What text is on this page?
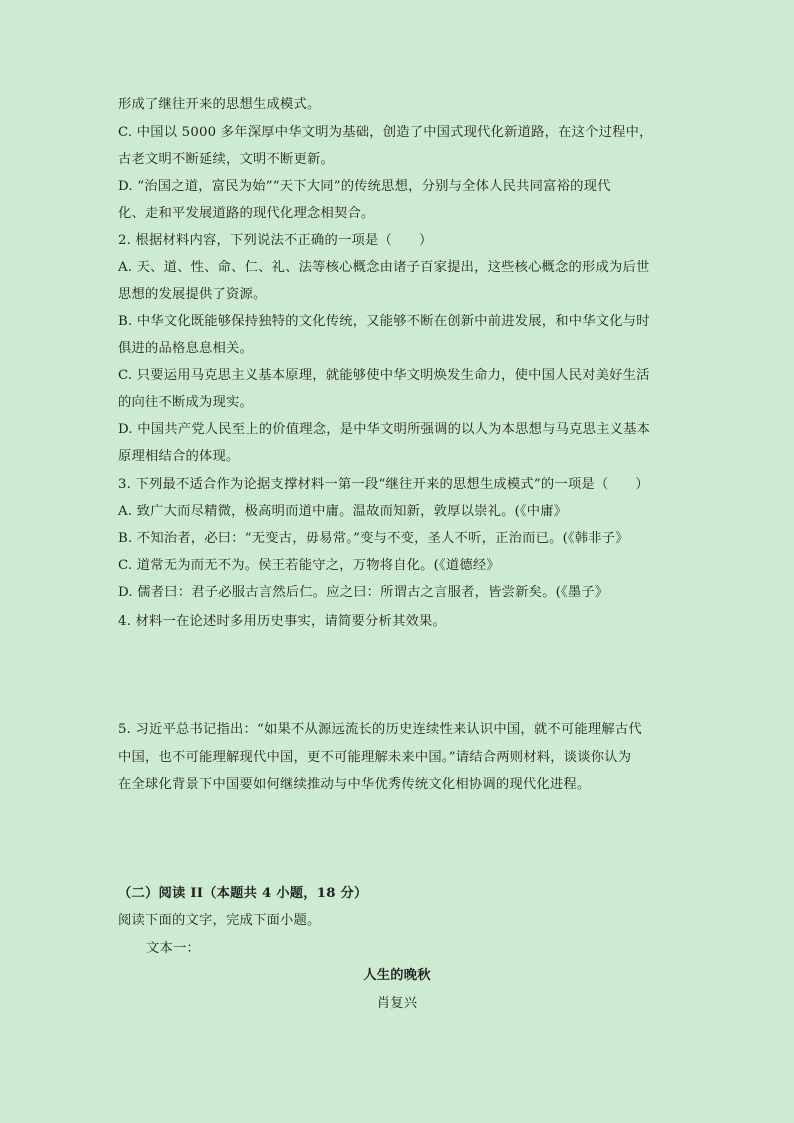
形成了继往开来的思想生成模式。
C. 中国以 5000 多年深厚中华文明为基础，创造了中国式现代化新道路，在这个过程中，
古老文明不断延续，文明不断更新。
D. “治国之道，富民为始”“天下大同”的传统思想，分别与全体人民共同富裕的现代
化、走和平发展道路的现代化理念相契合。
2. 根据材料内容，下列说法不正确的一项是（　　）
A. 天、道、性、命、仁、礼、法等核心概念由诸子百家提出，这些核心概念的形成为后世
思想的发展提供了资源。
B. 中华文化既能够保持独特的文化传统，又能够不断在创新中前进发展，和中华文化与时
俱进的品格息息相关。
C. 只要运用马克思主义基本原理，就能够使中华文明焕发生命力，使中国人民对美好生活
的向往不断成为现实。
D. 中国共产党人民至上的价值理念，是中华文明所强调的以人为本思想与马克思主义基本
原理相结合的体现。
3. 下列最不适合作为论据支撑材料一第一段“继往开来的思想生成模式”的一项是（　　）
A. 致广大而尽精微，极高明而道中庸。温故而知新，敦厚以崇礼。(《中庸》
B. 不知治者，必曰：“无变古，毋易常。”变与不变，圣人不听，正治而已。(《韩非子》
C. 道常无为而无不为。侯王若能守之，万物将自化。(《道德经》
D. 儒者曰：君子必服古言然后仁。应之曰：所谓古之言服者，皆尝新矣。(《墨子》
4. 材料一在论述时多用历史事实，请简要分析其效果。
5. 习近平总书记指出：“如果不从源远流长的历史连续性来认识中国，就不可能理解古代
中国，也不可能理解现代中国，更不可能理解未来中国。”请结合两则材料，谈谈你认为
在全球化背景下中国要如何继续推动与中华优秀传统文化相协调的现代化进程。
（二）阅读 II（本题共 4 小题，18 分）
阅读下面的文字，完成下面小题。
文本一：
人生的晚秋
肖复兴
